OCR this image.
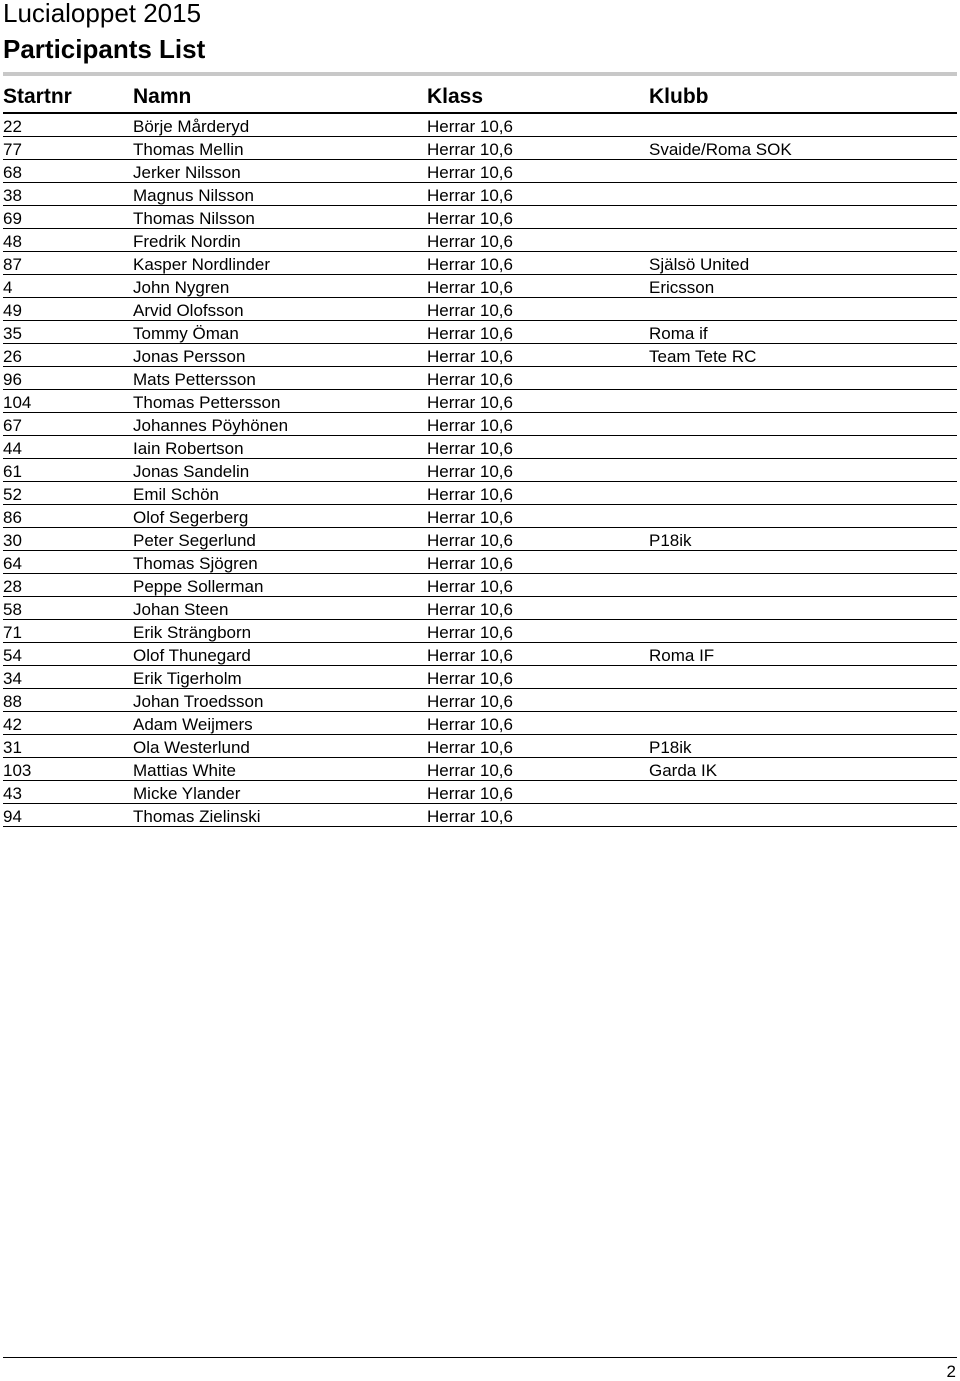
Lucialoppet 2015
Participants List
Startnr	Namn	Klass	Klubb
22	Börje Mårderyd	Herrar 10,6
77	Thomas Mellin	Herrar 10,6	Svaide/Roma SOK
68	Jerker Nilsson	Herrar 10,6
38	Magnus Nilsson	Herrar 10,6
69	Thomas Nilsson	Herrar 10,6
48	Fredrik Nordin	Herrar 10,6
87	Kasper Nordlinder	Herrar 10,6	Själsö United
4	John Nygren	Herrar 10,6	Ericsson
49	Arvid Olofsson	Herrar 10,6
35	Tommy Öman	Herrar 10,6	Roma if
26	Jonas Persson	Herrar 10,6	Team Tete RC
96	Mats Pettersson	Herrar 10,6
104	Thomas Pettersson	Herrar 10,6
67	Johannes Pöyhönen	Herrar 10,6
44	Iain Robertson	Herrar 10,6
61	Jonas Sandelin	Herrar 10,6
52	Emil Schön	Herrar 10,6
86	Olof Segerberg	Herrar 10,6
30	Peter Segerlund	Herrar 10,6	P18ik
64	Thomas Sjögren	Herrar 10,6
28	Peppe Sollerman	Herrar 10,6
58	Johan Steen	Herrar 10,6
71	Erik Strängborn	Herrar 10,6
54	Olof Thunegard	Herrar 10,6	Roma IF
34	Erik Tigerholm	Herrar 10,6
88	Johan Troedsson	Herrar 10,6
42	Adam Weijmers	Herrar 10,6
31	Ola Westerlund	Herrar 10,6	P18ik
103	Mattias White	Herrar 10,6	Garda IK
43	Micke Ylander	Herrar 10,6
94	Thomas Zielinski	Herrar 10,6
2
